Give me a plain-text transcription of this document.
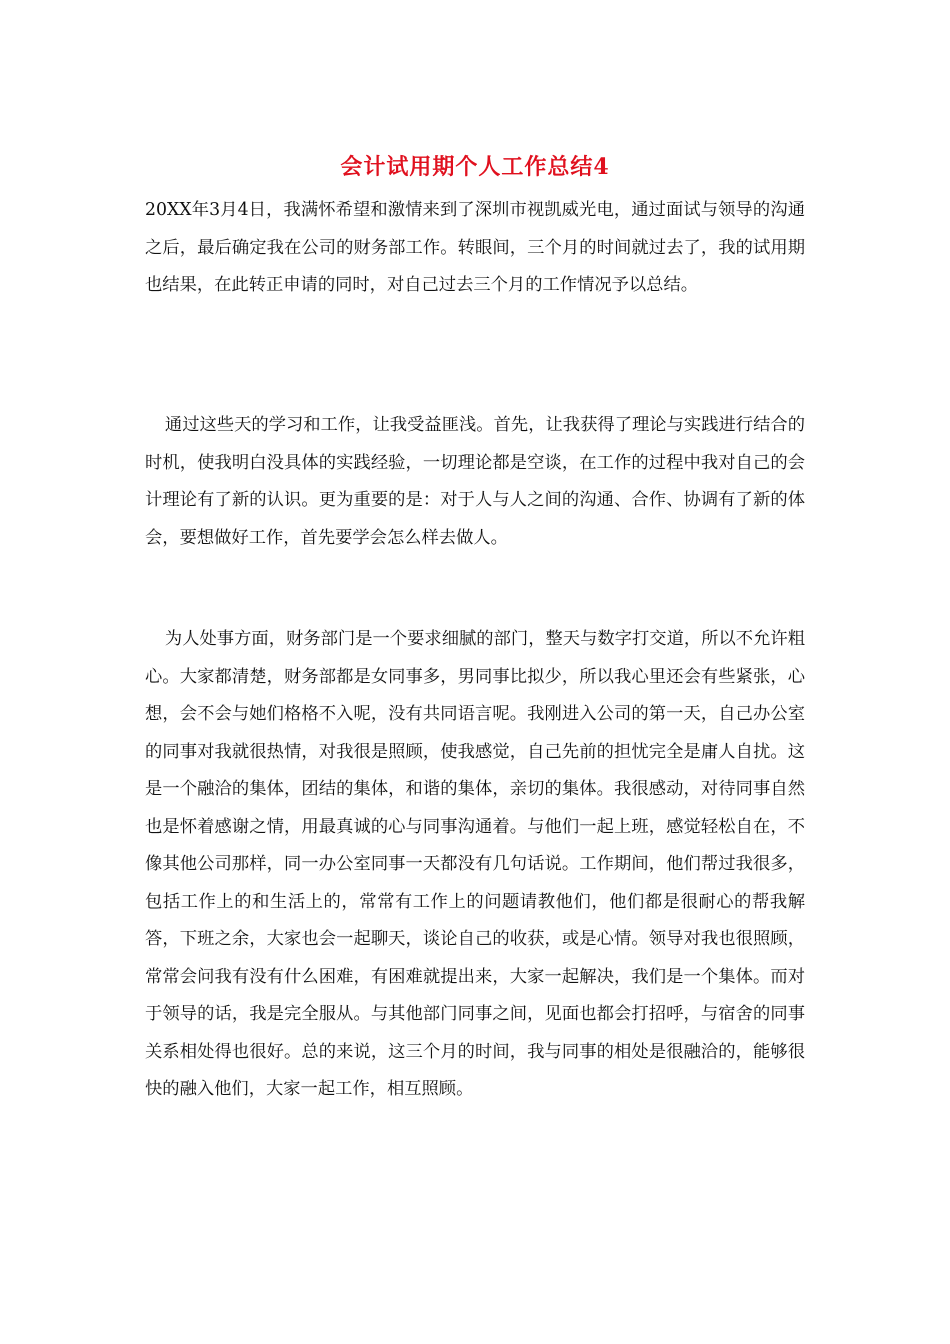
会计试用期个人工作总结4

20XX年3月4日，我满怀希望和激情来到了深圳市视凯威光电，通过面试与领导的沟通之后，最后确定我在公司的财务部工作。转眼间，三个月的时间就过去了，我的试用期也结果，在此转正申请的同时，对自己过去三个月的工作情况予以总结。

通过这些天的学习和工作，让我受益匪浅。首先，让我获得了理论与实践进行结合的时机，使我明白没具体的实践经验，一切理论都是空谈，在工作的过程中我对自己的会计理论有了新的认识。更为重要的是：对于人与人之间的沟通、合作、协调有了新的体会，要想做好工作，首先要学会怎么样去做人。

为人处事方面，财务部门是一个要求细腻的部门，整天与数字打交道，所以不允许粗心。大家都清楚，财务部都是女同事多，男同事比拟少，所以我心里还会有些紧张，心想，会不会与她们格格不入呢，没有共同语言呢。我刚进入公司的第一天，自己办公室的同事对我就很热情，对我很是照顾，使我感觉，自己先前的担忧完全是庸人自扰。这是一个融洽的集体，团结的集体，和谐的集体，亲切的集体。我很感动，对待同事自然也是怀着感谢之情，用最真诚的心与同事沟通着。与他们一起上班，感觉轻松自在，不像其他公司那样，同一办公室同事一天都没有几句话说。工作期间，他们帮过我很多，包括工作上的和生活上的，常常有工作上的问题请教他们，他们都是很耐心的帮我解答，下班之余，大家也会一起聊天，谈论自己的收获，或是心情。领导对我也很照顾，常常会问我有没有什么困难，有困难就提出来，大家一起解决，我们是一个集体。而对于领导的话，我是完全服从。与其他部门同事之间，见面也都会打招呼，与宿舍的同事关系相处得也很好。总的来说，这三个月的时间，我与同事的相处是很融洽的，能够很快的融入他们，大家一起工作，相互照顾。
